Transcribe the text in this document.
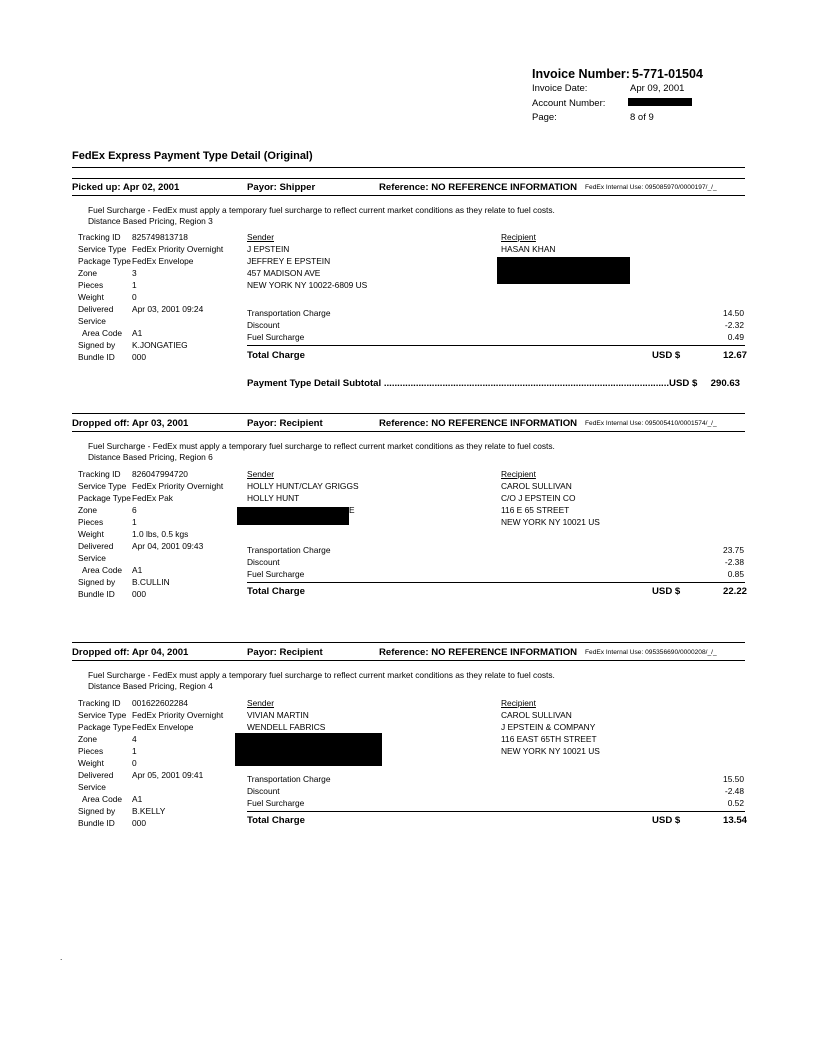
Invoice Number: 5-771-01504
Invoice Date:	Apr 09, 2001
Account Number:
Page:	8 of 9
FedEx Express Payment Type Detail (Original)
Picked up: Apr 02, 2001	Payor: Shipper	Reference: NO REFERENCE INFORMATION FedEx Internal Use: 095085970/0000197/_/_
Fuel Surcharge - FedEx must apply a temporary fuel surcharge to reflect current market conditions as they relate to fuel costs.
Distance Based Pricing, Region 3
Tracking ID	825749813718
Service Type FedEx Priority Overnight
Package Type FedEx Envelope
Zone	3
Pieces	1
Weight	0
Delivered	Apr 03, 2001 09:24
Service
Area Code A1
Signed by	K.JONGATIEG
Bundle ID	000
Sender
J EPSTEIN
JEFFREY E EPSTEIN
457 MADISON AVE
NEW YORK NY 10022-6809 US
Recipient
HASAN KHAN
Transportation Charge	14.50
Discount	-2.32
Fuel Surcharge	0.49
Total Charge	USD $	12.67
Payment Type Detail Subtotal ...........................................................................................................USD $ 290.63
Dropped off: Apr 03, 2001	Payor: Recipient	Reference: NO REFERENCE INFORMATION FedEx Internal Use: 095005410/0001574/_/_
Fuel Surcharge - FedEx must apply a temporary fuel surcharge to reflect current market conditions as they relate to fuel costs.
Distance Based Pricing, Region 6
Tracking ID	826047994720
Service Type FedEx Priority Overnight
Package Type FedEx Pak
Zone	6
Pieces	1
Weight	1.0 lbs, 0.5 kgs
Delivered	Apr 04, 2001 09:43
Service
Area Code A1
Signed by	B.CULLIN
Bundle ID	000
Sender
HOLLY HUNT/CLAY GRIGGS
HOLLY HUNT
E
Recipient
CAROL SULLIVAN
C/O J EPSTEIN CO
116 E 65 STREET
NEW YORK NY 10021 US
Transportation Charge	23.75
Discount	-2.38
Fuel Surcharge	0.85
Total Charge	USD $	22.22
Dropped off: Apr 04, 2001	Payor: Recipient	Reference: NO REFERENCE INFORMATION FedEx Internal Use: 095356690/0000208/_/_
Fuel Surcharge - FedEx must apply a temporary fuel surcharge to reflect current market conditions as they relate to fuel costs.
Distance Based Pricing, Region 4
Tracking ID	001622602284
Service Type FedEx Priority Overnight
Package Type FedEx Envelope
Zone	4
Pieces	1
Weight	0
Delivered	Apr 05, 2001 09:41
Service
Area Code A1
Signed by	B.KELLY
Bundle ID	000
Sender
VIVIAN MARTIN
WENDELL FABRICS
Recipient
CAROL SULLIVAN
J EPSTEIN & COMPANY
116 EAST 65TH STREET
NEW YORK NY 10021 US
Transportation Charge	15.50
Discount	-2.48
Fuel Surcharge	0.52
Total Charge	USD $	13.54
.
